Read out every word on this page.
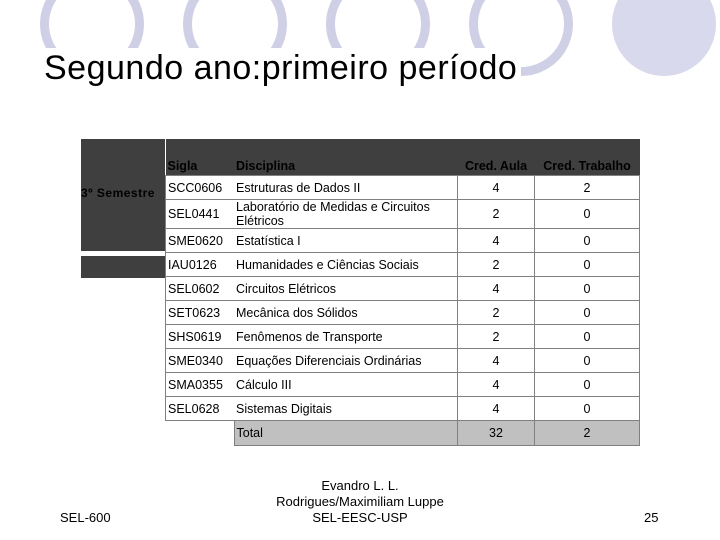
Segundo ano:primeiro período
3º Semestre
Sigla	Disciplina	Cred. Aula	Cred. Trabalho
SCC0606	Estruturas de Dados II	4	2
SEL0441	Laboratório de Medidas e Circuitos Elétricos	2	0
SME0620	Estatística I	4	0
IAU0126	Humanidades e Ciências Sociais	2	0
SEL0602	Circuitos Elétricos	4	0
SET0623	Mecânica dos Sólidos	2	0
SHS0619	Fenômenos de Transporte	2	0
SME0340	Equações Diferenciais Ordinárias	4	0
SMA0355	Cálculo III	4	0
SEL0628	Sistemas Digitais	4	0
	Total	32	2
SEL-600
Evandro L. L.
Rodrigues/Maximiliam Luppe
SEL-EESC-USP	25
